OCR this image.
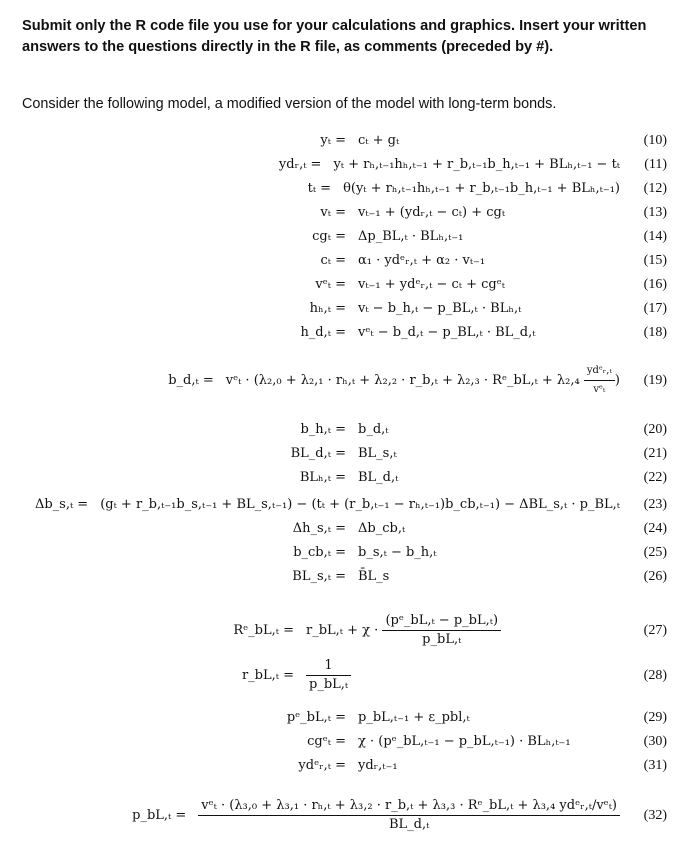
Submit only the R code file you use for your calculations and graphics. Insert your written
answers to the questions directly in the R file, as comments (preceded by #).
Consider the following model, a modified version of the model with long-term bonds.
yₜ = cₜ + gₜ	(10)
ydᵣ,ₜ = yₜ + rₕ,ₜ₋₁hₕ,ₜ₋₁ + r_b,ₜ₋₁b_h,ₜ₋₁ + BLₕ,ₜ₋₁ − tₜ (11)
tₜ = θ(yₜ + rₕ,ₜ₋₁hₕ,ₜ₋₁ + r_b,ₜ₋₁b_h,ₜ₋₁ + BLₕ,ₜ₋₁) (12)
vₜ = vₜ₋₁ + (ydᵣ,ₜ − cₜ) + cgₜ	(13)
cgₜ = Δp_BL,ₜ · BLₕ,ₜ₋₁	(14)
cₜ = α₁ · ydᵉᵣ,ₜ + α₂ · vₜ₋₁	(15)
vᵉₜ = vₜ₋₁ + ydᵉᵣ,ₜ − cₜ + cgᵉₜ	(16)
hₕ,ₜ = vₜ − b_h,ₜ − p_BL,ₜ · BLₕ,ₜ	(17)
h_d,ₜ = vᵉₜ − b_d,ₜ − p_BL,ₜ · BL_d,ₜ	(18)
b_d,ₜ = vᵉₜ · (λ₂,₀ + λ₂,₁ · rₕ,ₜ + λ₂,₂ · r_b,ₜ + λ₂,₃ · Rᵉ_bL,ₜ + $\lambda_2,_4 \frac{\text{ydᵉᵣ,ₜ}}{\text{vᵉₜ}}$ ) (19)
b_h,ₜ = b_d,ₜ	(20)
BL_d,ₜ = BL_s,ₜ	(21)
BLₕ,ₜ = BL_d,ₜ	(22)
Δb_s,ₜ = (gₜ + r_b,ₜ₋₁b_s,ₜ₋₁ + BL_s,ₜ₋₁) − (tₜ + (r_b,ₜ₋₁ − rₕ,ₜ₋₁)b_cb,ₜ₋₁) − ΔBL_s,ₜ · p_BL,ₜ (23)
Δh_s,ₜ = Δb_cb,ₜ	(24)
b_cb,ₜ = b_s,ₜ − b_h,ₜ	(25)
BL_s,ₜ = B̄L_s	(26)
Rᵉ_bL,ₜ = r_bL,ₜ + $\chi \cdot \frac{\text{(pᵉ\_bL,ₜ − p\_bL,ₜ)}}{\text{p\_bL,ₜ}}$	(27)
r_bL,ₜ = $\frac{1}{\text{p\_bL,ₜ}}$	(28)
pᵉ_bL,ₜ = p_bL,ₜ₋₁ + ε_pbl,ₜ	(29)
cgᵉₜ = χ · (pᵉ_bL,ₜ₋₁ − p_bL,ₜ₋₁) · BLₕ,ₜ₋₁	(30)
ydᵉᵣ,ₜ = ydᵣ,ₜ₋₁	(31)
p_bL,ₜ =
vᵉₜ · (λ₃,₀ + λ₃,₁ · rₕ,ₜ + λ₃,₂ · r_b,ₜ + λ₃,₃ · Rᵉ_bL,ₜ + λ₃,₄ ydᵉᵣ,ₜ/vᵉₜ)
BL_d,ₜ
(32)
